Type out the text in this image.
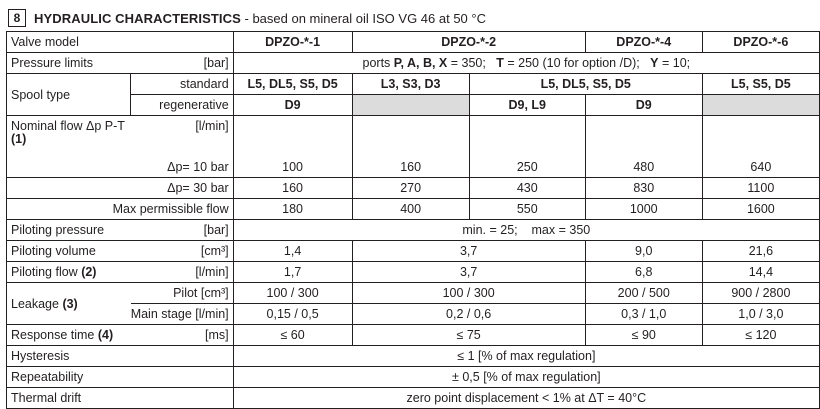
8	HYDRAULIC CHARACTERISTICS - based on mineral oil ISO VG 46 at 50 °C
Valve model		DPZO-*-1	DPZO-*-2		DPZO-*-4	DPZO-*-6

Pressure limits [bar]		ports P, A, B, X = 350;   T = 250 (10 for option /D);   Y = 10;				
Spool type	standard	L5, DL5, S5, D5	L3, S3, D3	L5, DL5, S5, D5		L5, S5, D5
	regenerative	D9		D9, L9	D9	

Nominal flow Δp P-T [l/min]
(1)						

Δp= 10 bar		100	160	250	480	640
Δp= 30 bar		160	270	430	830	1100
Max permissible flow		180	400	550	1000	1600

Piloting pressure [bar]		min. = 25;    max = 350				

Piloting volume [cm³]		1,4	3,7		9,0	21,6

Piloting flow (2) [l/min]		1,7	3,7		6,8	14,4
Leakage (3)	Pilot [cm³]	100 / 300	100 / 300		200 / 500	900 / 2800
	Main stage [l/min]	0,15 / 0,5	0,2 / 0,6		0,3 / 1,0	1,0 / 3,0

Response time (4) [ms]		≤ 60	≤ 75		≤ 90	≤ 120
Hysteresis		≤ 1 [% of max regulation]				
Repeatability		± 0,5 [% of max regulation]				
Thermal drift		zero point displacement < 1% at ΔT = 40°C				
